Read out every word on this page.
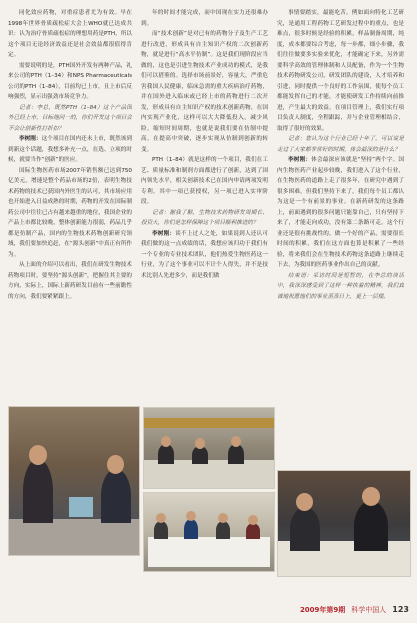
同化效应药物，对重症患者尤为有效。早在1998年世界骨质疏松症大会上WHO就已达成共识：认为治疗骨质疏松症的理想用药是PTH，所以这个项目无论经济效益还是社会效益都很值得肯定。

需要说明的是，PTH国外开发有两种产品，礼来公司的PTH（1–34）和NPS Pharmaceuticals公司的PTH（1–84），目前均已上市，且上市后反响强烈，显示出强劲市场竞争力。

记者：李总，既然PTH（1–84）这个产品国外已经上市，目标地同一的，你们开发这个项目会不会让创新性打折扣？

李树刚：这个项目在国内还未上市，既然该到到新这个话题，我想多补充一点，在选、立项的时候，就要当作“创新”的医应。

国际生物医药市场2007年销售额已达到750亿美元，增速是整个药品市场的2倍，表明生物技术药物的技术已获国内外医生的认可，其市场应用也开始进入日益成熟的时期，药物的开发在国际制药公司中往往已占有越来越重的地位，我国企业的产品上市都比较晚，整体创新能力很弱，药品几乎都是仿制产品，国内的生物技术药物创新研究领域，我们要加快追赶，在“源头创新”中真正有所作为。

从上面的介绍可以看出，我们在研发生物技术药物项目时，要坚持“源头创新”，把握住其主要的方向，实际上，国际上新药研发目前有一些前瞻性的方向，我们要紧紧跟上。

年的时间才能完成，而中国现在实力还很难办到。

而“技术创新”是对已有的药物分子及生产工艺进行改进，形成具有自主知识产权的二次创新药物，就是进行“高水平仿制”。这是我们现阶段应当做的，这也是引进生物技术产业成功的模式，是我们可以借鉴的。选择市场前景好，容量大，严重危害我国人民健康，临床急需的重大疾病治疗药物，并在国外进入临床或已经上市的药物进行二次开发，形成具有自主知识产权的技术创新药物，在国内实现产业化，这样可以大大降低投入，减少风险，缩短时间周期，也就是说我们要在仿制中提高，在提高中突破，逐步实现从仿制到创新的转变。

PTH（1–84）就是这样的一个项目，我们在工艺、质量标准和制剂方面都进行了创新，达到了国内领先水平，相关创新技术已在国内申请两项发明专利。其中一项已获授权，另一项已进入实审阶段。

记者：据我了解，生物技术药物研发周期长、投资大，你们是怎样保障这个项目顺利推进的？

李树刚：谈不上过人之处，如果说到人还认可我们做的这一点成绩的话，我想应该归功于我们有一个专业的专业技术团队，他们热爱生物医药这一行业，为了这个事业可以不计个人得失，并不是技术比别人先进多少，而是我们做

事情要踏实，最能吃苦。例如面向特化工艺研究，是通用工程药物工艺研发过程中的重点，也是难点，很多时候是经验的积累，样品制备周期，纯度，成本都要综合考虑，每一步都，细小步骤，我们往往做要多实验来优化，才能确定下来，另外需要科学高效的管理体制和人员配备，作为一个生物技术药物研发公司，研发团队的建设，人才培养和引进，同时提供一个良好的工作氛围，使每个员工都能发挥自己的才能，才能使研发工作持续向前推进，产生最大的效益。在项目管理上，我们实行项目负责人制度，全程跟踪，并与企业管理相结合，取得了很好的效果。

记者：您认为这个行业已经十年了，可以说是走过了大家都非常好的时期，体会最深的是什么？

李树刚：体会最深应该就是“坚持”两个字。国内生物医药产业起步较晚，我们进入了这个行业，在生物医药的道路上走了很多年，在研究中遇到了很多困难，但我们坚持下来了，我们每个员工都认为这是一个有前景的事业。在新药研发的这条路上，前面遇到的很多问题只能靠自己，只有坚持下来了，才能走向成功，没有第二条路可走。这个行业还是很有挑战性的，做一个好的产品，需要很长时间的积累，我们在这方面也算是积累了一些经验，将来我们会在生物技术药物这条道路上继续走下去，为我国的医药事业作出自己的贡献。

结束语：采访时间是短暂的，在李总的谈话中，我深深感受到了这样一种执着的精神，我们真诚地祝愿他们的事业蒸蒸日上，更上一层楼。

2009年第9期 科学中国人 123
